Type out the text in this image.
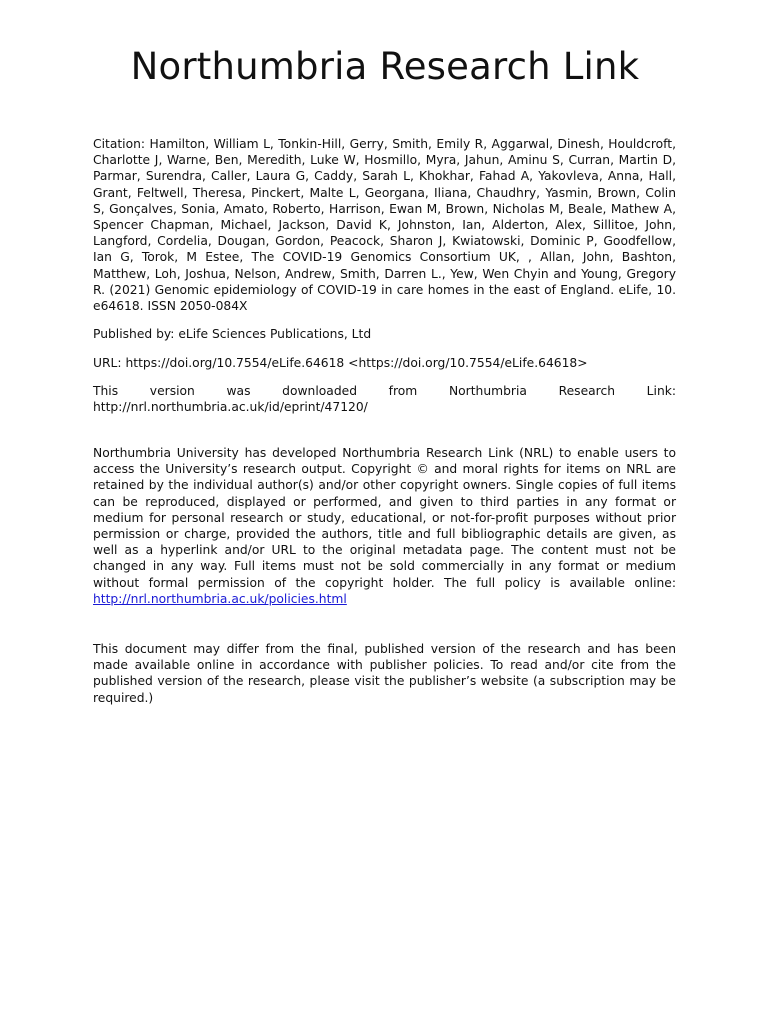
Northumbria Research Link

Citation: Hamilton, William L, Tonkin-Hill, Gerry, Smith, Emily R, Aggarwal, Dinesh, Houldcroft, Charlotte J, Warne, Ben, Meredith, Luke W, Hosmillo, Myra, Jahun, Aminu S, Curran, Martin D, Parmar, Surendra, Caller, Laura G, Caddy, Sarah L, Khokhar, Fahad A, Yakovleva, Anna, Hall, Grant, Feltwell, Theresa, Pinckert, Malte L, Georgana, Iliana, Chaudhry, Yasmin, Brown, Colin S, Gonçalves, Sonia, Amato, Roberto, Harrison, Ewan M, Brown, Nicholas M, Beale, Mathew A, Spencer Chapman, Michael, Jackson, David K, Johnston, Ian, Alderton, Alex, Sillitoe, John, Langford, Cordelia, Dougan, Gordon, Peacock, Sharon J, Kwiatowski, Dominic P, Goodfellow, Ian G, Torok, M Estee, The COVID-19 Genomics Consortium UK, , Allan, John, Bashton, Matthew, Loh, Joshua, Nelson, Andrew, Smith, Darren L., Yew, Wen Chyin and Young, Gregory R. (2021) Genomic epidemiology of COVID-19 in care homes in the east of England. eLife, 10. e64618. ISSN 2050-084X

Published by: eLife Sciences Publications, Ltd

URL: https://doi.org/10.7554/eLife.64618 <https://doi.org/10.7554/eLife.64618>

This version was downloaded from Northumbria Research Link:

http://nrl.northumbria.ac.uk/id/eprint/47120/

Northumbria University has developed Northumbria Research Link (NRL) to enable users to access the University’s research output. Copyright © and moral rights for items on NRL are retained by the individual author(s) and/or other copyright owners. Single copies of full items can be reproduced, displayed or performed, and given to third parties in any format or medium for personal research or study, educational, or not-for-profit purposes without prior permission or charge, provided the authors, title and full bibliographic details are given, as well as a hyperlink and/or URL to the original metadata page. The content must not be changed in any way. Full items must not be sold commercially in any format or medium without formal permission of the copyright holder. The full policy is available online: http://nrl.northumbria.ac.uk/policies.html

This document may differ from the final, published version of the research and has been made available online in accordance with publisher policies. To read and/or cite from the published version of the research, please visit the publisher’s website (a subscription may be required.)
